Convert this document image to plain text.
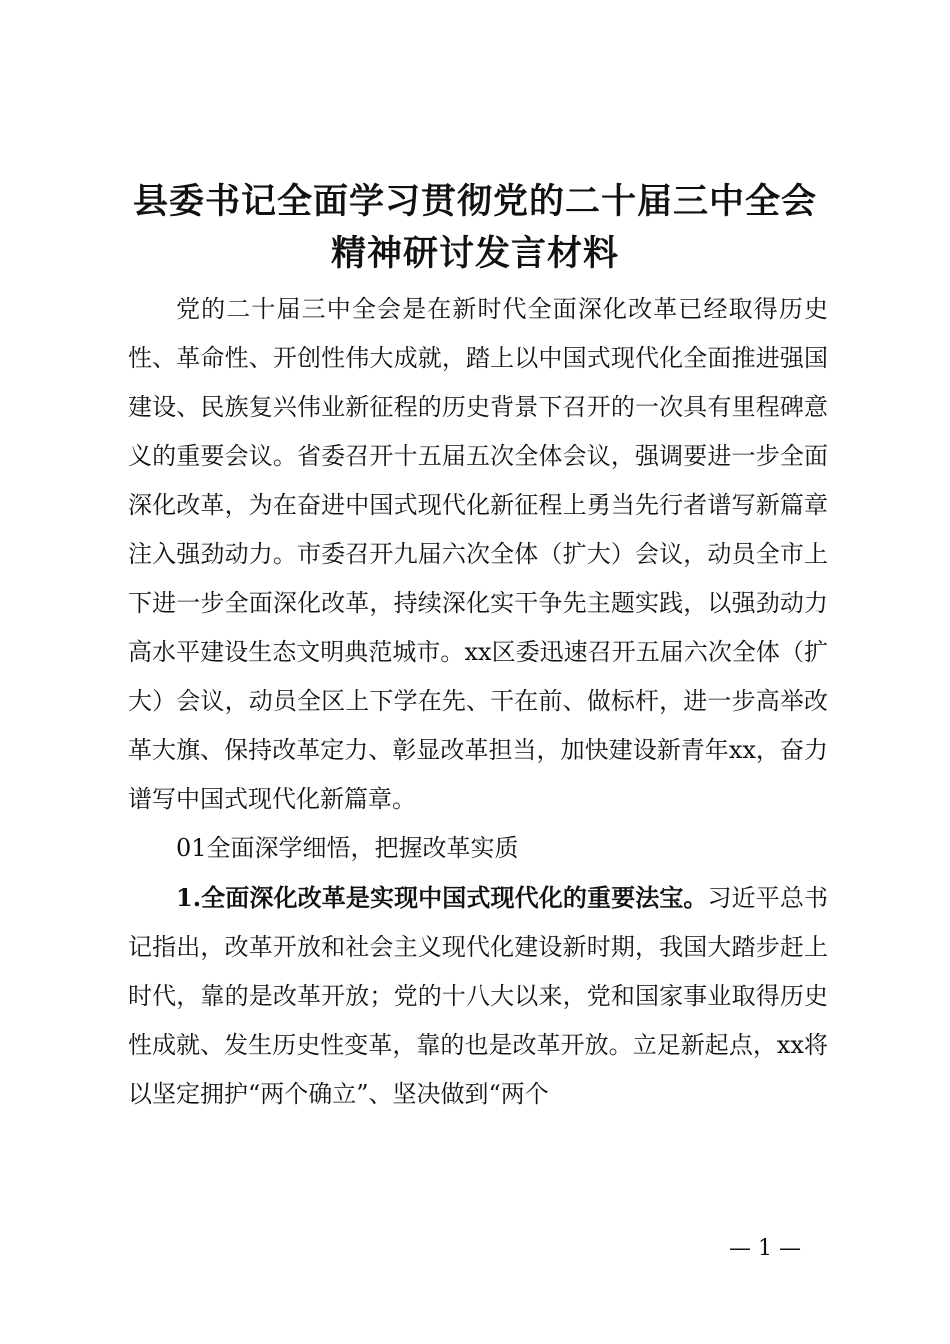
县委书记全面学习贯彻党的二十届三中全会精神研讨发言材料

党的二十届三中全会是在新时代全面深化改革已经取得历史性、革命性、开创性伟大成就，踏上以中国式现代化全面推进强国建设、民族复兴伟业新征程的历史背景下召开的一次具有里程碑意义的重要会议。省委召开十五届五次全体会议，强调要进一步全面深化改革，为在奋进中国式现代化新征程上勇当先行者谱写新篇章注入强劲动力。市委召开九届六次全体（扩大）会议，动员全市上下进一步全面深化改革，持续深化实干争先主题实践，以强劲动力高水平建设生态文明典范城市。xx区委迅速召开五届六次全体（扩大）会议，动员全区上下学在先、干在前、做标杆，进一步高举改革大旗、保持改革定力、彰显改革担当，加快建设新青年xx，奋力谱写中国式现代化新篇章。

01全面深学细悟，把握改革实质

1.全面深化改革是实现中国式现代化的重要法宝。习近平总书记指出，改革开放和社会主义现代化建设新时期，我国大踏步赶上时代，靠的是改革开放；党的十八大以来，党和国家事业取得历史性成就、发生历史性变革，靠的也是改革开放。立足新起点，xx将以坚定拥护“两个确立”、坚决做到“两个

— 1 —
